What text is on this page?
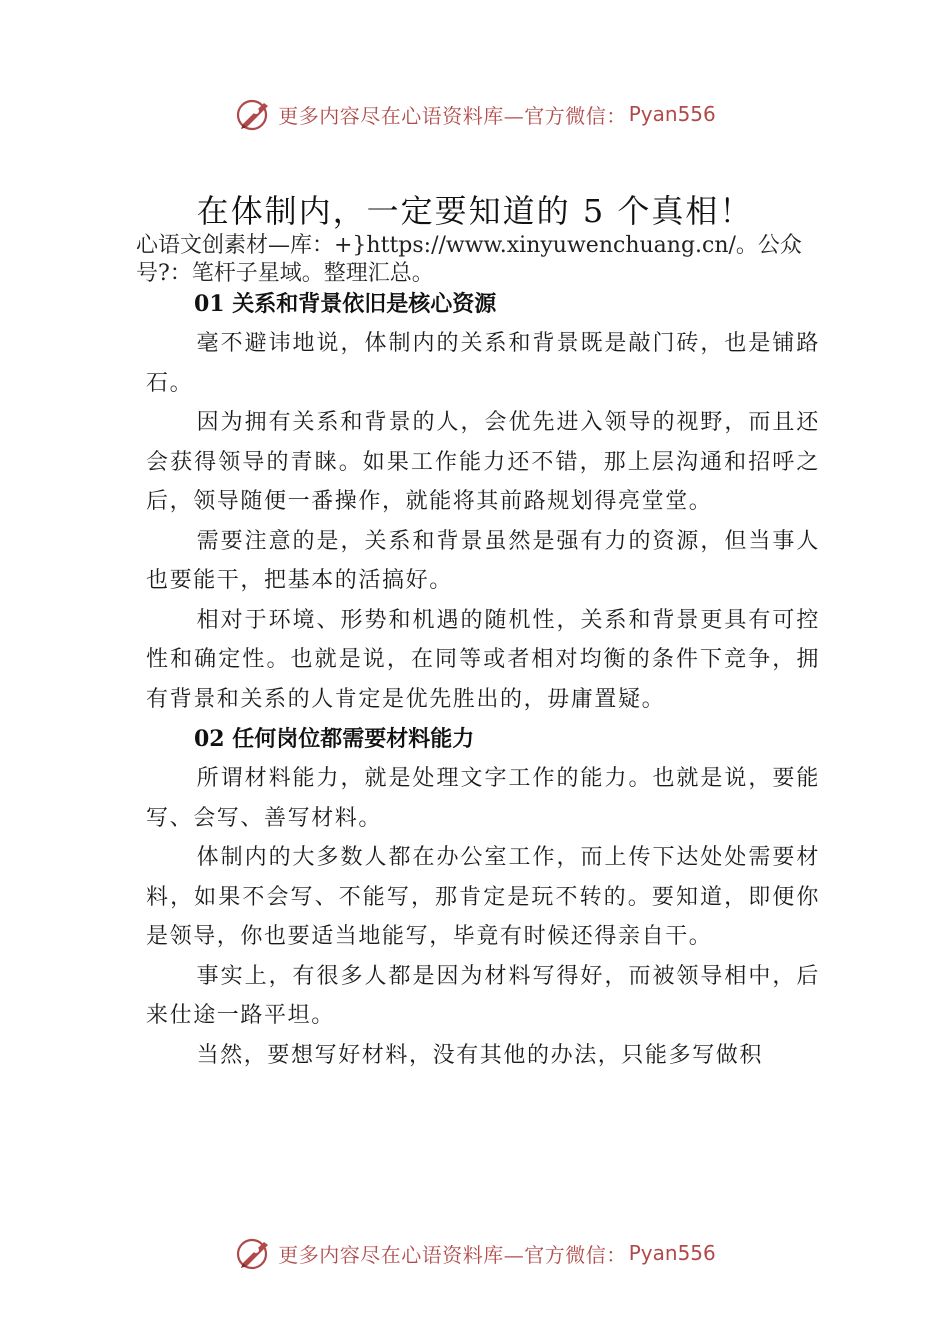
更多内容尽在心语资料库—官方微信： Pyan556
在体制内，一定要知道的 5 个真相！

心语文创素材—库：+}https://www.xinyuwenchuang.cn/。公众号?：笔杆子星域。整理汇总。

01 关系和背景依旧是核心资源

毫不避讳地说，体制内的关系和背景既是敲门砖，也是铺路石。

因为拥有关系和背景的人，会优先进入领导的视野，而且还会获得领导的青睐。如果工作能力还不错，那上层沟通和招呼之后，领导随便一番操作，就能将其前路规划得亮堂堂。

需要注意的是，关系和背景虽然是强有力的资源，但当事人也要能干，把基本的活搞好。

相对于环境、形势和机遇的随机性，关系和背景更具有可控性和确定性。也就是说，在同等或者相对均衡的条件下竞争，拥有背景和关系的人肯定是优先胜出的，毋庸置疑。

02 任何岗位都需要材料能力

所谓材料能力，就是处理文字工作的能力。也就是说，要能写、会写、善写材料。

体制内的大多数人都在办公室工作，而上传下达处处需要材料，如果不会写、不能写，那肯定是玩不转的。要知道，即便你是领导，你也要适当地能写，毕竟有时候还得亲自干。

事实上，有很多人都是因为材料写得好，而被领导相中，后来仕途一路平坦。

当然，要想写好材料，没有其他的办法，只能多写做积

更多内容尽在心语资料库—官方微信： Pyan556
